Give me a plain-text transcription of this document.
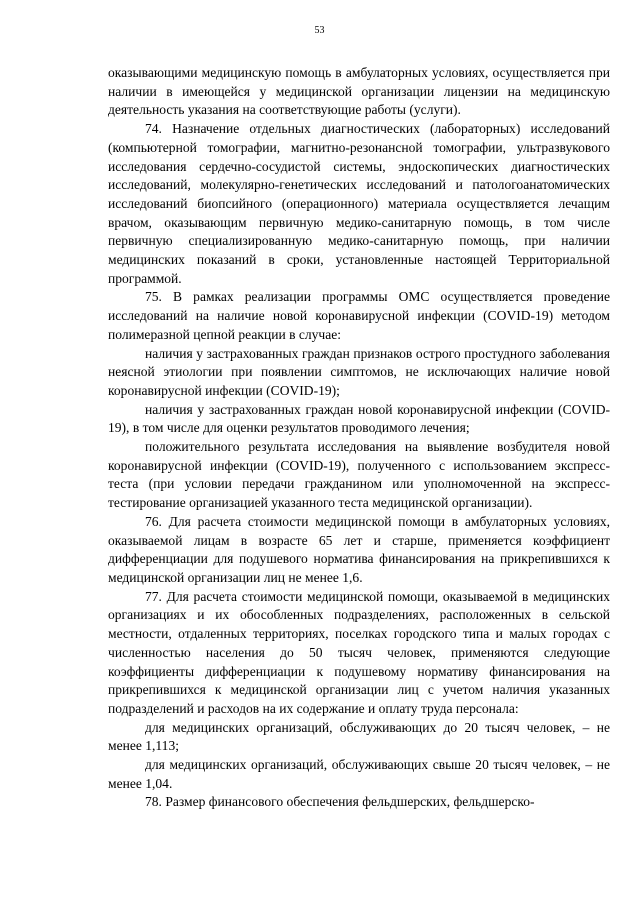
53

оказывающими медицинскую помощь в амбулаторных условиях, осуществляется при наличии в имеющейся у медицинской организации лицензии на медицинскую деятельность указания на соответствующие работы (услуги).

74. Назначение отдельных диагностических (лабораторных) исследований (компьютерной томографии, магнитно-резонансной томографии, ультразвукового исследования сердечно-сосудистой системы, эндоскопических диагностических исследований, молекулярно-генетических исследований и патологоанатомических исследований биопсийного (операционного) материала осуществляется лечащим врачом, оказывающим первичную медико-санитарную помощь, в том числе первичную специализированную медико-санитарную помощь, при наличии медицинских показаний в сроки, установленные настоящей Территориальной программой.

75. В рамках реализации программы ОМС осуществляется проведение исследований на наличие новой коронавирусной инфекции (COVID-19) методом полимеразной цепной реакции в случае:

наличия у застрахованных граждан признаков острого простудного заболевания неясной этиологии при появлении симптомов, не исключающих наличие новой коронавирусной инфекции (COVID-19);

наличия у застрахованных граждан новой коронавирусной инфекции (COVID-19), в том числе для оценки результатов проводимого лечения;

положительного результата исследования на выявление возбудителя новой коронавирусной инфекции (COVID-19), полученного с использованием экспресс-теста (при условии передачи гражданином или уполномоченной на экспресс-тестирование организацией указанного теста медицинской организации).

76. Для расчета стоимости медицинской помощи в амбулаторных условиях, оказываемой лицам в возрасте 65 лет и старше, применяется коэффициент дифференциации для подушевого норматива финансирования на прикрепившихся к медицинской организации лиц не менее 1,6.

77. Для расчета стоимости медицинской помощи, оказываемой в медицинских организациях и их обособленных подразделениях, расположенных в сельской местности, отдаленных территориях, поселках городского типа и малых городах с численностью населения до 50 тысяч человек, применяются следующие коэффициенты дифференциации к подушевому нормативу финансирования на прикрепившихся к медицинской организации лиц с учетом наличия указанных подразделений и расходов на их содержание и оплату труда персонала:

для медицинских организаций, обслуживающих до 20 тысяч человек, – не менее 1,113;

для медицинских организаций, обслуживающих свыше 20 тысяч человек, – не менее 1,04.

78. Размер финансового обеспечения фельдшерских, фельдшерско-
